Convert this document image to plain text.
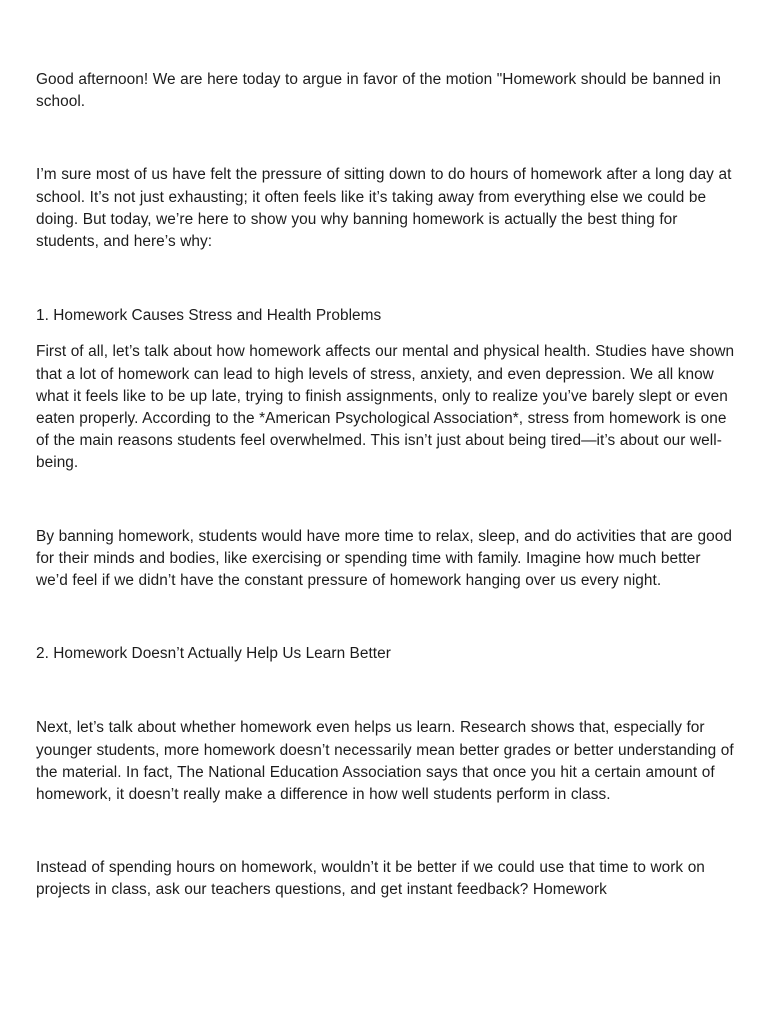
Good afternoon! We are here today to argue in favor of the motion "Homework should be banned in school.

I’m sure most of us have felt the pressure of sitting down to do hours of homework after a long day at school. It’s not just exhausting; it often feels like it’s taking away from everything else we could be doing. But today, we’re here to show you why banning homework is actually the best thing for students, and here’s why:

1. Homework Causes Stress and Health Problems

First of all, let’s talk about how homework affects our mental and physical health. Studies have shown that a lot of homework can lead to high levels of stress, anxiety, and even depression. We all know what it feels like to be up late, trying to finish assignments, only to realize you’ve barely slept or even eaten properly. According to the *American Psychological Association*, stress from homework is one of the main reasons students feel overwhelmed. This isn’t just about being tired—it’s about our well-being.

By banning homework, students would have more time to relax, sleep, and do activities that are good for their minds and bodies, like exercising or spending time with family. Imagine how much better we’d feel if we didn’t have the constant pressure of homework hanging over us every night.

2. Homework Doesn’t Actually Help Us Learn Better

Next, let’s talk about whether homework even helps us learn. Research shows that, especially for younger students, more homework doesn’t necessarily mean better grades or better understanding of the material. In fact, The National Education Association says that once you hit a certain amount of homework, it doesn’t really make a difference in how well students perform in class.

Instead of spending hours on homework, wouldn’t it be better if we could use that time to work on projects in class, ask our teachers questions, and get instant feedback? Homework
